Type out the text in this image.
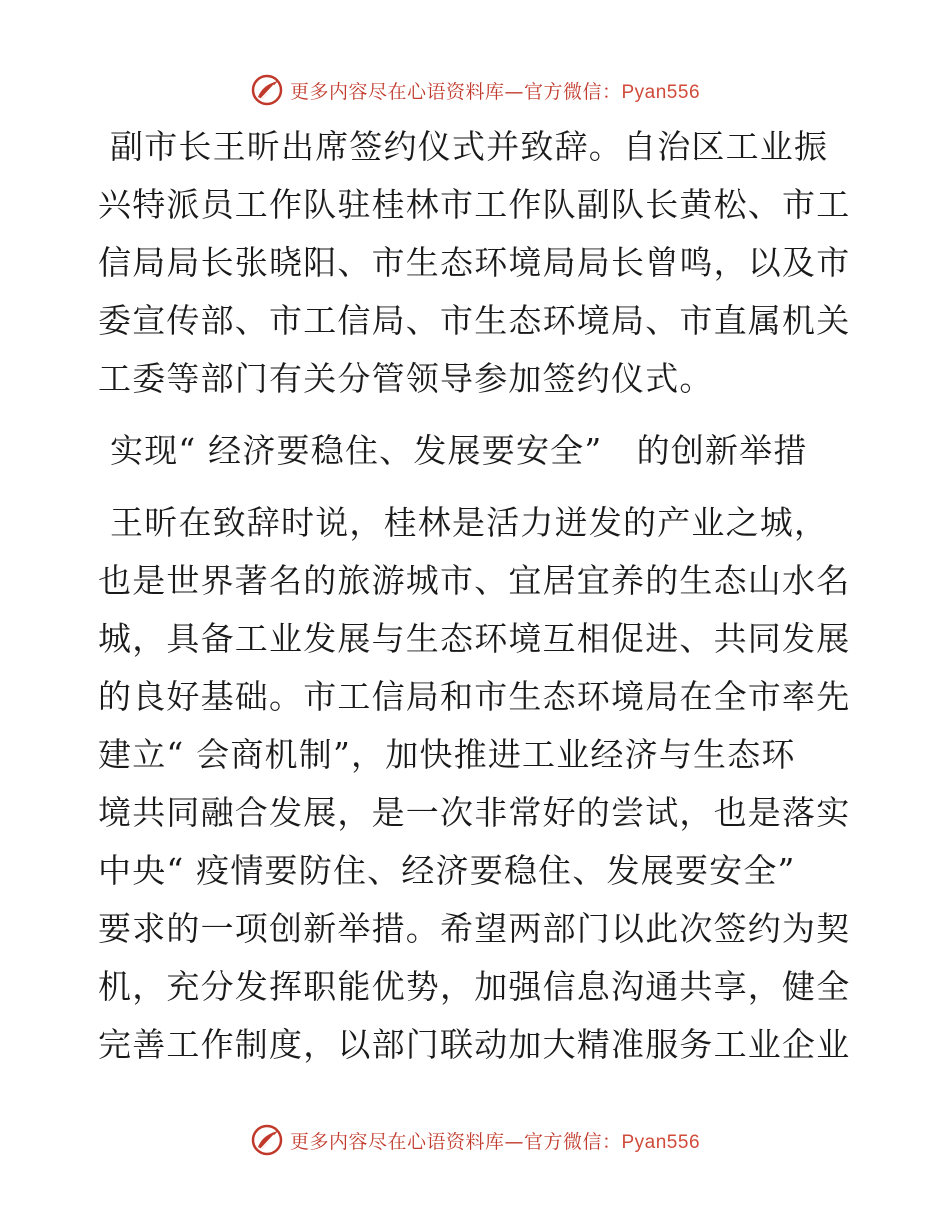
更多内容尽在心语资料库—官方微信：Pyan556
副市长王昕出席签约仪式并致辞。自治区工业振
兴特派员工作队驻桂林市工作队副队长黄松、市工
信局局长张晓阳、市生态环境局局长曾鸣，以及市
委宣传部、市工信局、市生态环境局、市直属机关
工委等部门有关分管领导参加签约仪式。
实现“ 经济要稳住、发展要安全”　的创新举措
王昕在致辞时说，桂林是活力迸发的产业之城，
也是世界著名的旅游城市、宜居宜养的生态山水名
城，具备工业发展与生态环境互相促进、共同发展
的良好基础。市工信局和市生态环境局在全市率先
建立“ 会商机制”，加快推进工业经济与生态环
境共同融合发展，是一次非常好的尝试，也是落实
中央“ 疫情要防住、经济要稳住、发展要安全”
要求的一项创新举措。希望两部门以此次签约为契
机，充分发挥职能优势，加强信息沟通共享，健全
完善工作制度，以部门联动加大精准服务工业企业
更多内容尽在心语资料库—官方微信：Pyan556
